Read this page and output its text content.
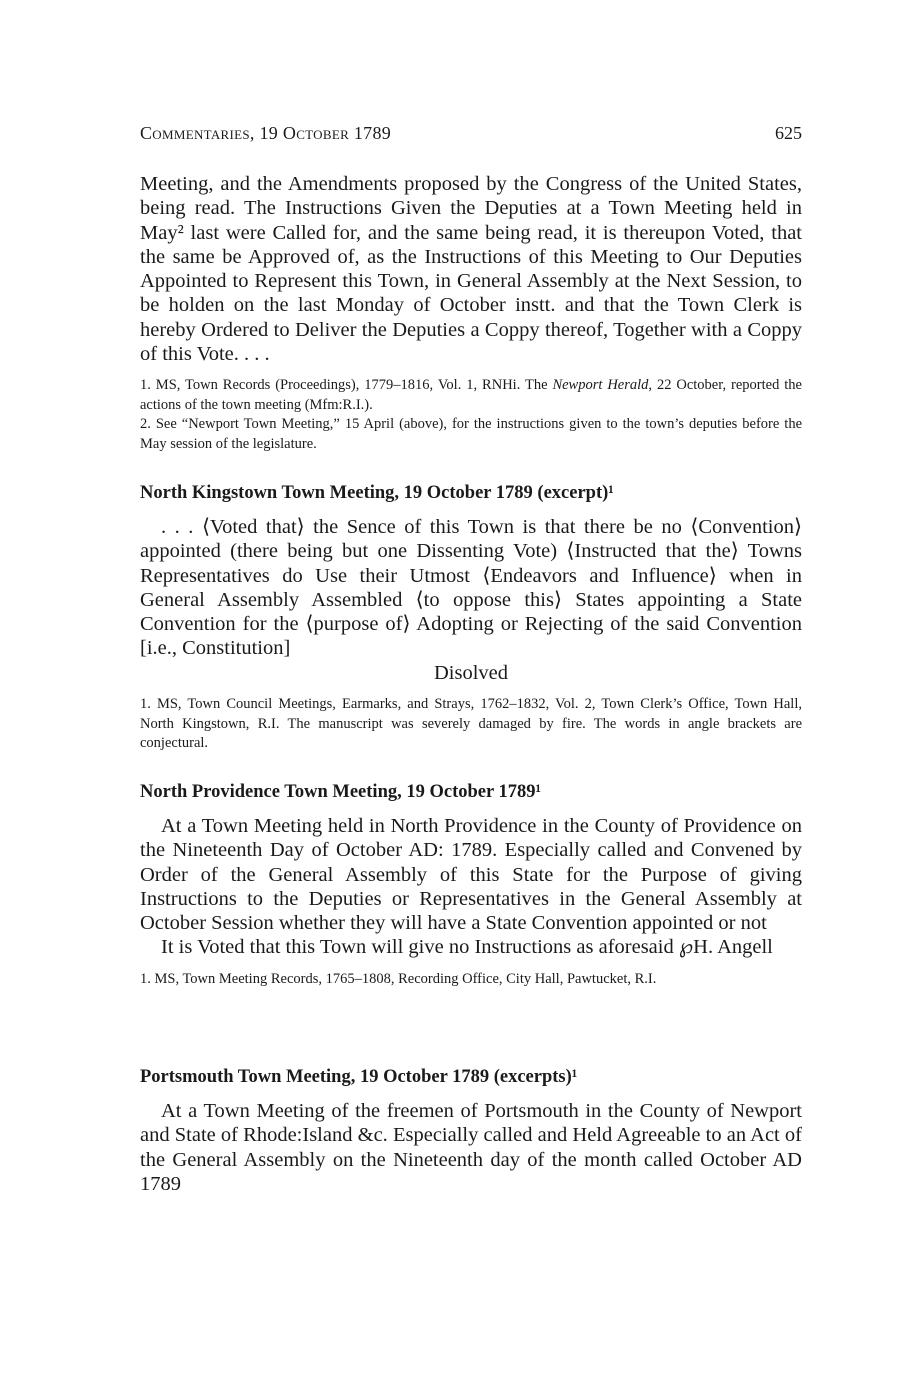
Commentaries, 19 October 1789	625

Meeting, and the Amendments proposed by the Congress of the United States, being read. The Instructions Given the Deputies at a Town Meeting held in May² last were Called for, and the same being read, it is thereupon Voted, that the same be Approved of, as the Instructions of this Meeting to Our Deputies Appointed to Represent this Town, in General Assembly at the Next Session, to be holden on the last Monday of October instt. and that the Town Clerk is hereby Ordered to Deliver the Deputies a Coppy thereof, Together with a Coppy of this Vote. . . .

1. MS, Town Records (Proceedings), 1779–1816, Vol. 1, RNHi. The Newport Herald, 22 October, reported the actions of the town meeting (Mfm:R.I.).

2. See “Newport Town Meeting,” 15 April (above), for the instructions given to the town’s deputies before the May session of the legislature.

North Kingstown Town Meeting, 19 October 1789 (excerpt)¹

. . . ⟨Voted that⟩ the Sence of this Town is that there be no ⟨Convention⟩ appointed (there being but one Dissenting Vote) ⟨Instructed that the⟩ Towns Representatives do Use their Utmost ⟨Endeavors and Influence⟩ when in General Assembly Assembled ⟨to oppose this⟩ States appointing a State Convention for the ⟨purpose of⟩ Adopting or Rejecting of the said Convention [i.e., Constitution]

Disolved

1. MS, Town Council Meetings, Earmarks, and Strays, 1762–1832, Vol. 2, Town Clerk’s Office, Town Hall, North Kingstown, R.I. The manuscript was severely damaged by fire. The words in angle brackets are conjectural.

North Providence Town Meeting, 19 October 1789¹

At a Town Meeting held in North Providence in the County of Providence on the Nineteenth Day of October AD: 1789. Especially called and Convened by Order of the General Assembly of this State for the Purpose of giving Instructions to the Deputies or Representatives in the General Assembly at October Session whether they will have a State Convention appointed or not

It is Voted that this Town will give no Instructions as aforesaid ℘H. Angell

1. MS, Town Meeting Records, 1765–1808, Recording Office, City Hall, Pawtucket, R.I.

Portsmouth Town Meeting, 19 October 1789 (excerpts)¹

At a Town Meeting of the freemen of Portsmouth in the County of Newport and State of Rhode:Island &c. Especially called and Held Agreeable to an Act of the General Assembly on the Nineteenth day of the month called October AD 1789
